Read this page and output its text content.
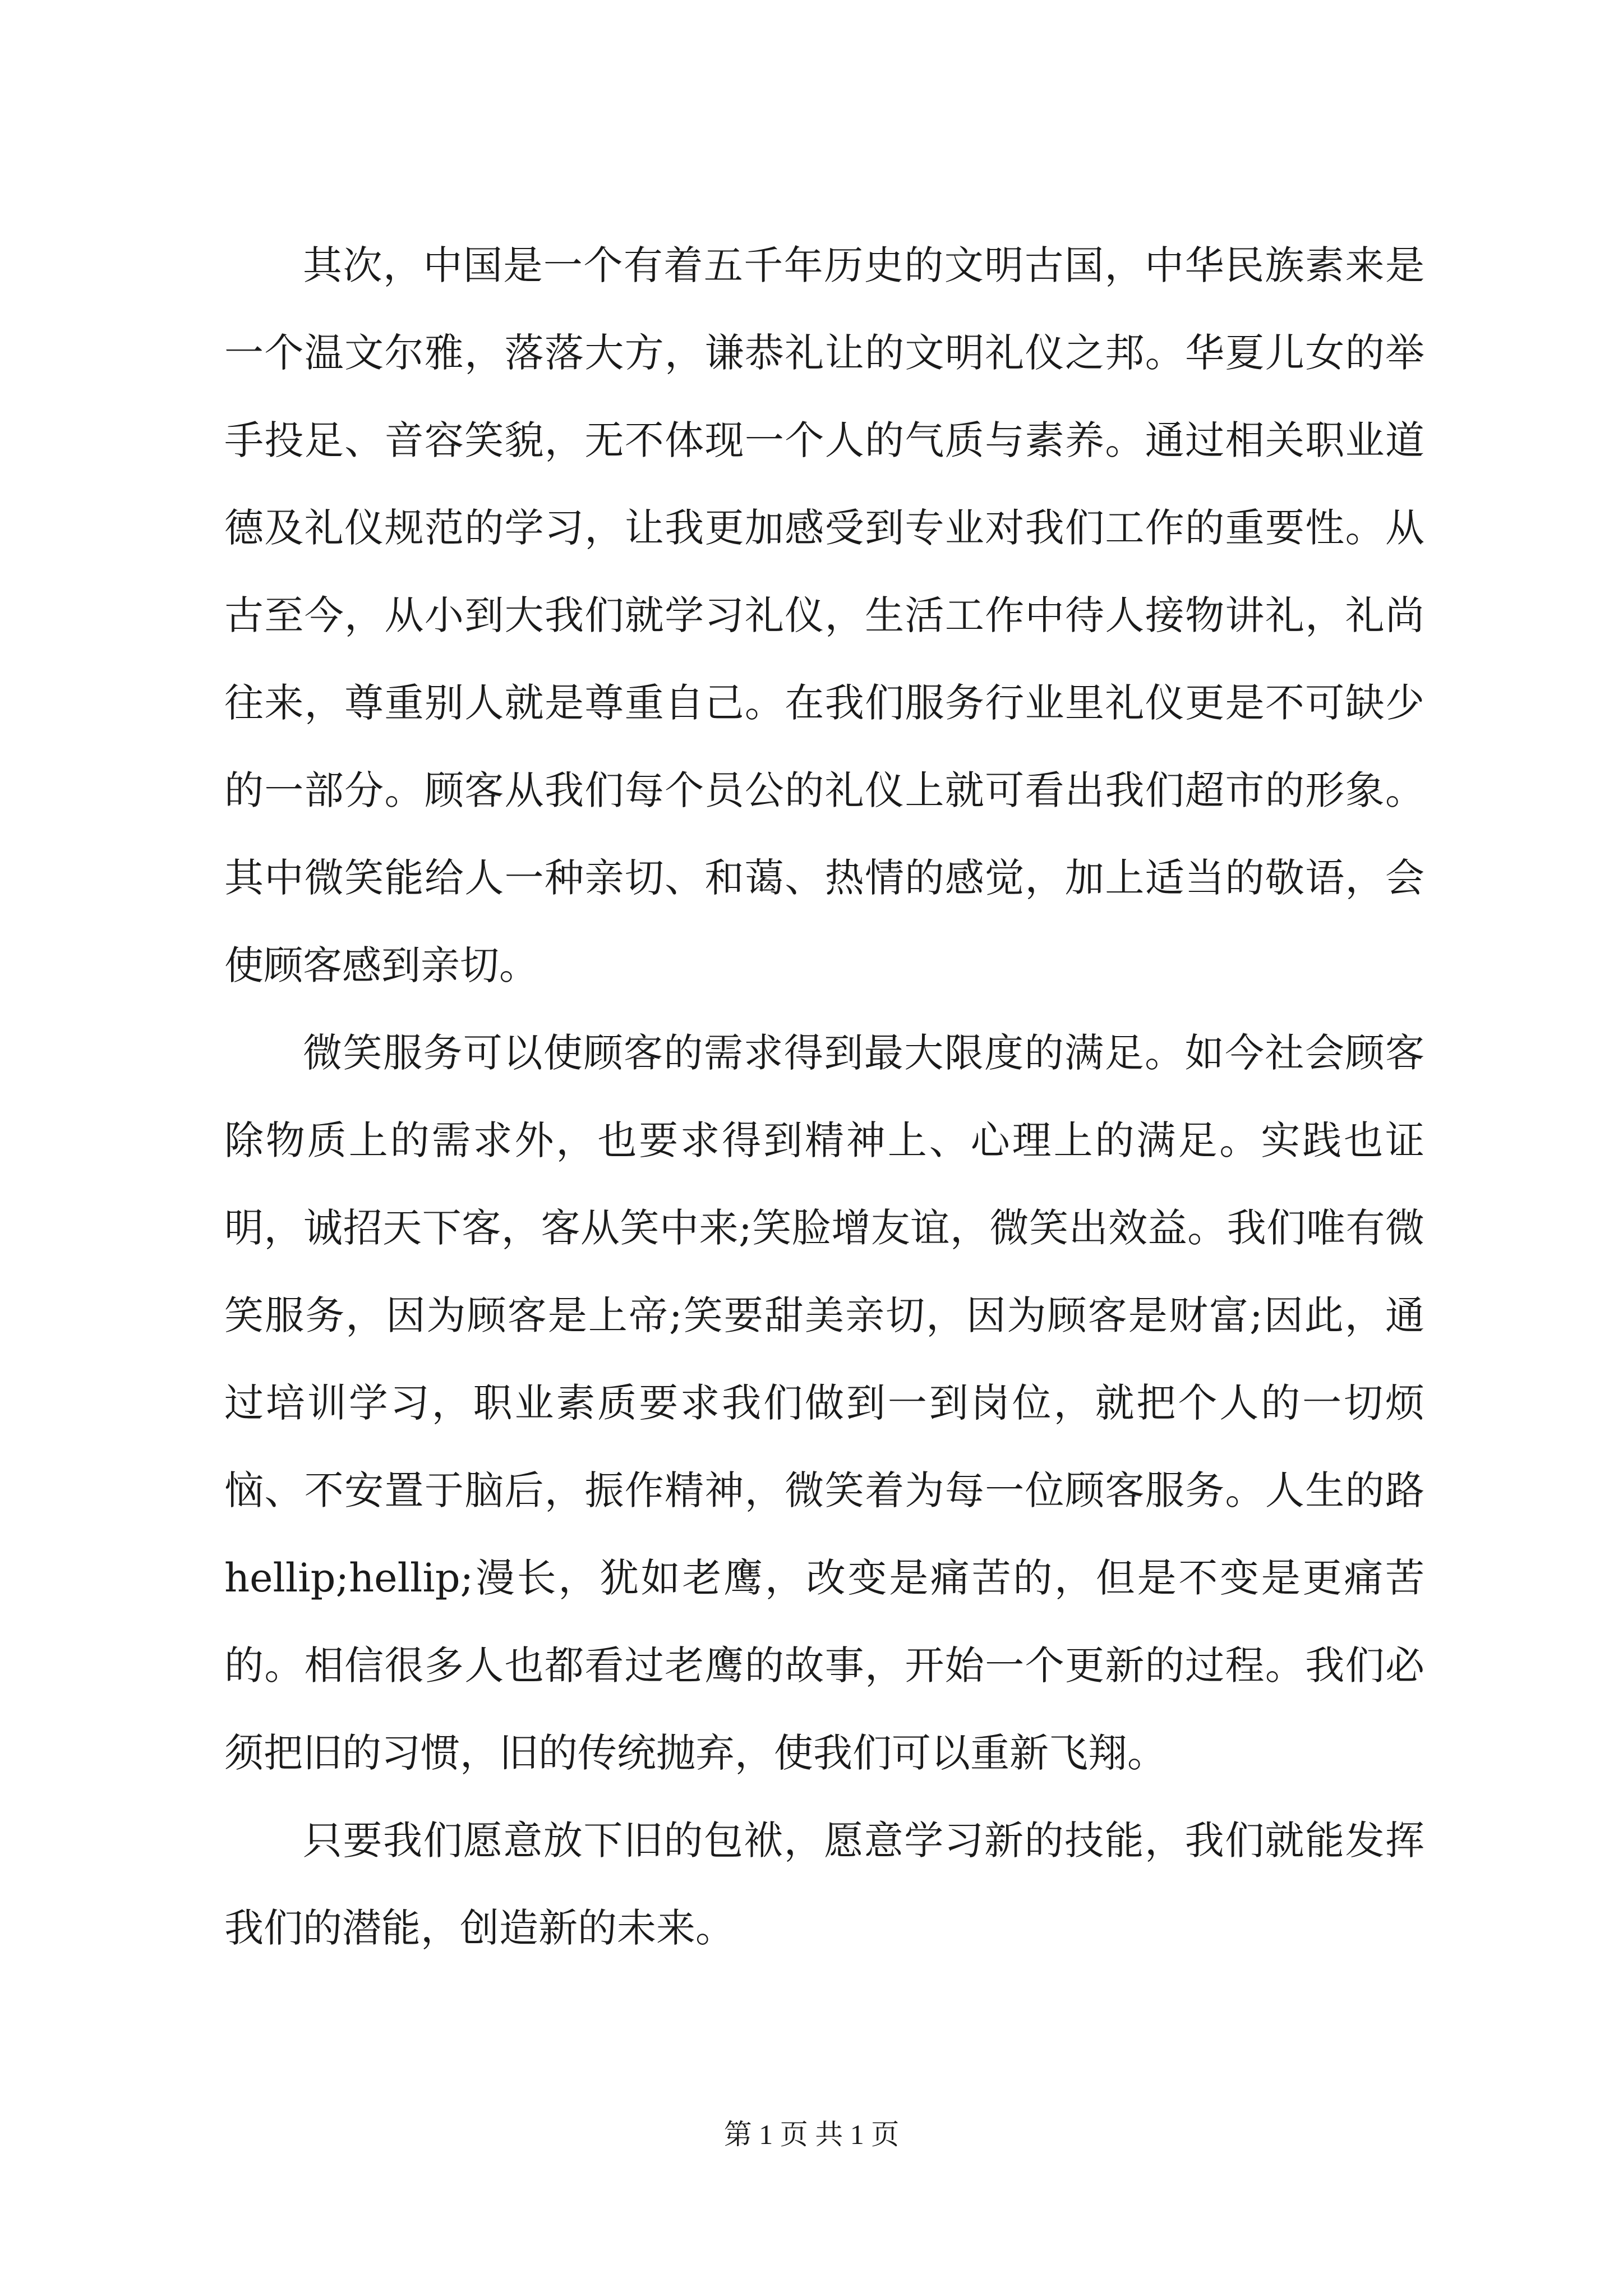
其次，中国是一个有着五千年历史的文明古国，中华民族素来是一个温文尔雅，落落大方，谦恭礼让的文明礼仪之邦。华夏儿女的举手投足、音容笑貌，无不体现一个人的气质与素养。通过相关职业道德及礼仪规范的学习，让我更加感受到专业对我们工作的重要性。从古至今，从小到大我们就学习礼仪，生活工作中待人接物讲礼，礼尚往来，尊重别人就是尊重自己。在我们服务行业里礼仪更是不可缺少的一部分。顾客从我们每个员公的礼仪上就可看出我们超市的形象。其中微笑能给人一种亲切、和蔼、热情的感觉，加上适当的敬语，会使顾客感到亲切。

微笑服务可以使顾客的需求得到最大限度的满足。如今社会顾客除物质上的需求外，也要求得到精神上、心理上的满足。实践也证明，诚招天下客，客从笑中来;笑脸增友谊，微笑出效益。我们唯有微笑服务，因为顾客是上帝;笑要甜美亲切，因为顾客是财富;因此，通过培训学习，职业素质要求我们做到一到岗位，就把个人的一切烦恼、不安置于脑后，振作精神，微笑着为每一位顾客服务。人生的路 hellip;hellip;漫长，犹如老鹰，改变是痛苦的，但是不变是更痛苦的。相信很多人也都看过老鹰的故事，开始一个更新的过程。我们必须把旧的习惯，旧的传统抛弃，使我们可以重新飞翔。

只要我们愿意放下旧的包袱，愿意学习新的技能，我们就能发挥我们的潜能，创造新的未来。

第 1 页 共 1 页
